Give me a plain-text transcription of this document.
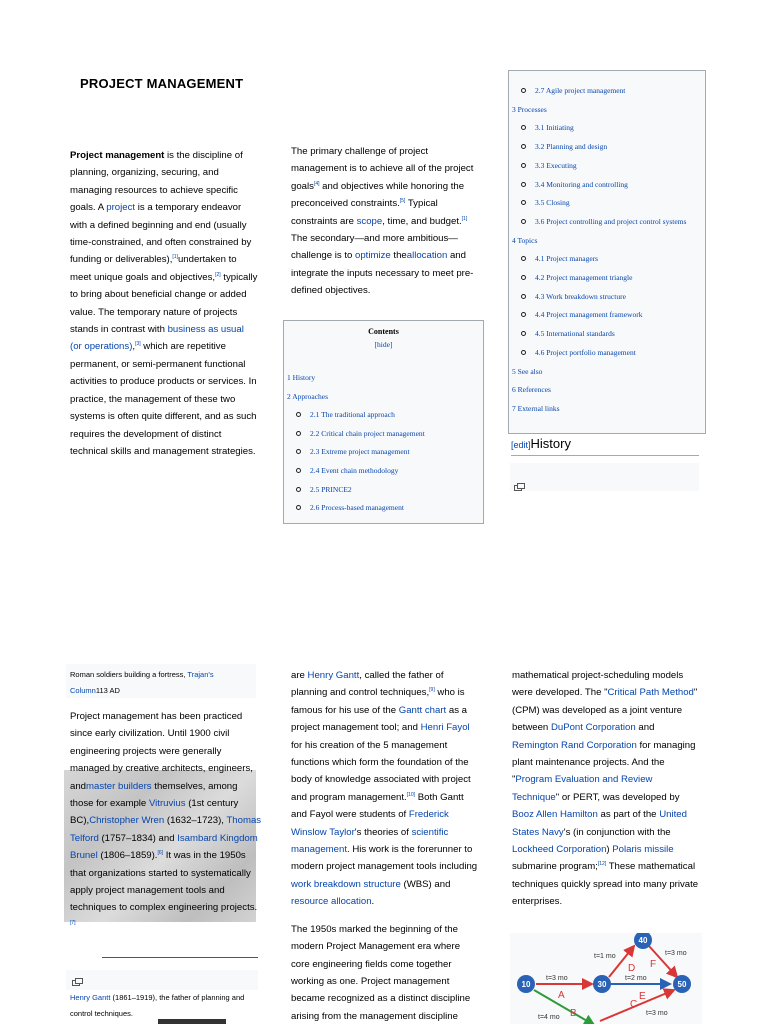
PROJECT MANAGEMENT
Project management is the discipline of planning, organizing, securing, and managing resources to achieve specific goals. A project is a temporary endeavor with a defined beginning and end (usually time-constrained, and often constrained by funding or deliverables),[1]undertaken to meet unique goals and objectives,[2] typically to bring about beneficial change or added value. The temporary nature of projects stands in contrast with business as usual (or operations),[3] which are repetitive permanent, or semi-permanent functional activities to produce products or services. In practice, the management of these two systems is often quite different, and as such requires the development of distinct technical skills and management strategies.
The primary challenge of project management is to achieve all of the project goals[4] and objectives while honoring the preconceived constraints.[5] Typical constraints are scope, time, and budget.[1] The secondary—and more ambitious—challenge is to optimize theallocation and integrate the inputs necessary to meet pre-defined objectives.
Contents
[hide]
1 History
2 Approaches
2.1 The traditional approach
2.2 Critical chain project management
2.3 Extreme project management
2.4 Event chain methodology
2.5 PRINCE2
2.6 Process-based management
2.7 Agile project management
3 Processes
3.1 Initiating
3.2 Planning and design
3.3 Executing
3.4 Monitoring and controlling
3.5 Closing
3.6 Project controlling and project control systems
4 Topics
4.1 Project managers
4.2 Project management triangle
4.3 Work breakdown structure
4.4 Project management framework
4.5 International standards
4.6 Project portfolio management
5 See also
6 References
7 External links
[edit]History
Roman soldiers building a fortress, Trajan's Column113 AD
Project management has been practiced since early civilization. Until 1900 civil engineering projects were generally managed by creative architects, engineers, andmaster builders themselves, among those for example Vitruvius (1st century BC),Christopher Wren (1632–1723), Thomas Telford (1757–1834) and Isambard Kingdom Brunel (1806–1859).[6] It was in the 1950s that organizations started to systematically apply project management tools and techniques to complex engineering projects.[7]
Henry Gantt (1861–1919), the father of planning and control techniques.

are Henry Gantt, called the father of planning and control techniques,[9] who is famous for his use of the Gantt chart as a project management tool; and Henri Fayol for his creation of the 5 management functions which form the foundation of the body of knowledge associated with project and program management.[10] Both Gantt and Fayol were students of Frederick Winslow Taylor's theories of scientific management. His work is the forerunner to modern project management tools including work breakdown structure (WBS) and resource allocation.

The 1950s marked the beginning of the modern Project Management era where core engineering fields come together working as one. Project management became recognized as a distinct discipline arising from the management discipline

mathematical project-scheduling models were developed. The "Critical Path Method" (CPM) was developed as a joint venture between DuPont Corporation and Remington Rand Corporation for managing plant maintenance projects. And the "Program Evaluation and Review Technique" or PERT, was developed by Booz Allen Hamilton as part of the United States Navy's (in conjunction with the Lockheed Corporation) Polaris missile submarine program;[12] These mathematical techniques quickly spread into many private enterprises.
10	30
40
50
A
B
C
D
E
F
t=1 mo
t=3 mo
t=3 mo
t=2 mo
t=4 mo
t=3 mo
